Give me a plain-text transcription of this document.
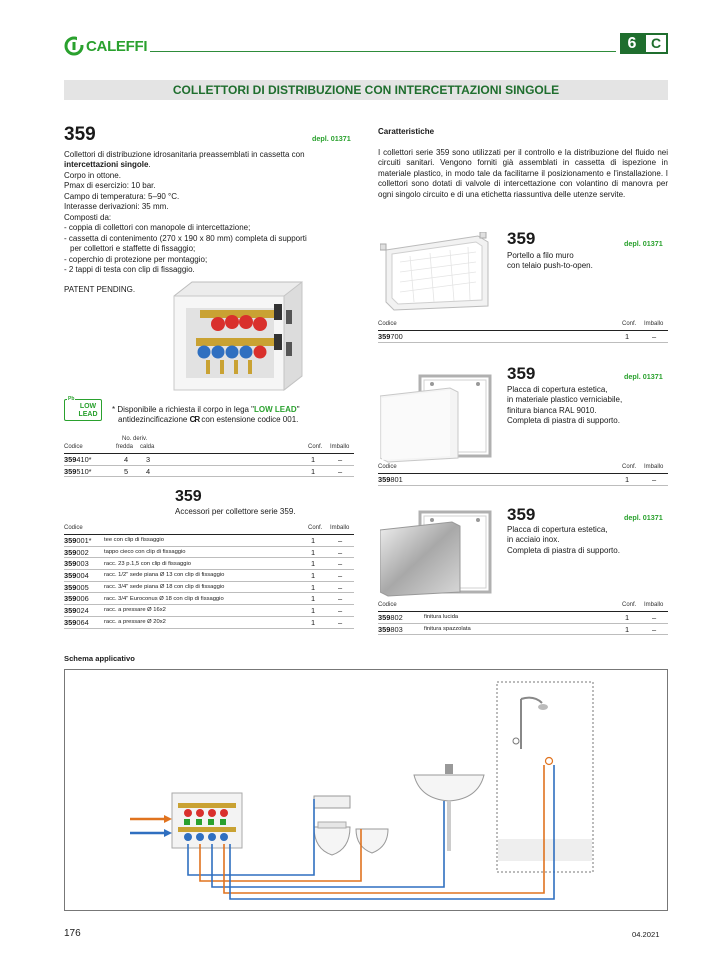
CALEFFI	6	C
COLLETTORI DI DISTRIBUZIONE CON INTERCETTAZIONI SINGOLE
359	depl. 01371
Collettori di distribuzione idrosanitaria preassemblati in cassetta con intercettazioni singole.
Corpo in ottone.
Pmax di esercizio: 10 bar.
Campo di temperatura: 5–90 °C.
Interasse derivazioni: 35 mm.
Composti da:
- coppia di collettori con manopole di intercettazione;
- cassetta di contenimento (270 x 190 x 80 mm) completa di supporti
per collettori e staffette di fissaggio;
- coperchio di protezione per montaggio;
- 2 tappi di testa con clip di fissaggio.
PATENT PENDING.
Pb
LOW
LEAD
* Disponibile a richiesta il corpo in lega "LOW LEAD"
antidezincificazione CR con estensione codice 001.
Codice
No. deriv.
fredda calda	Conf. Imballo
359410*	4 3	1	–
359510*	5 4	1	–
359
Accessori per collettore serie 359.
Codice	Conf. Imballo
359001* tee con clip di fissaggio	1	–
359002	tappo cieco con clip di fissaggio	1	–
359003	racc. 23 p.1,5 con clip di fissaggio	1	–
359004	racc. 1/2" sede piana Ø 13 con clip di fissaggio	1	–
359005	racc. 3/4" sede piana Ø 18 con clip di fissaggio	1	–
359006	racc. 3/4" Euroconus Ø 18 con clip di fissaggio	1	–
359024	racc. a pressare Ø 16x2	1	–
359064	racc. a pressare Ø 20x2	1	–
Caratteristiche
I collettori serie 359 sono utilizzati per il controllo e la distribuzione del fluido nei circuiti sanitari. Vengono forniti già assemblati in cassetta di ispezione in materiale plastico, in modo tale da facilitarne il posizionamento e l'installazione. I collettori sono dotati di valvole di intercettazione con volantino di manovra per ogni singolo circuito e di una etichetta riassuntiva delle utenze servite.
359	depl. 01371
Portello a filo muro
con telaio push-to-open.
Codice	Conf. Imballo
359700	1	–
359	depl. 01371
Placca di copertura estetica,
in materiale plastico verniciabile,
finitura bianca RAL 9010.
Completa di piastra di supporto.
Codice	Conf. Imballo
359801	1	–
359	depl. 01371
Placca di copertura estetica,
in acciaio inox.
Completa di piastra di supporto.
Codice	Conf. Imballo
359802	finitura lucida	1	–
359803	finitura spazzolata	1	–
Schema applicativo
176	04.2021
